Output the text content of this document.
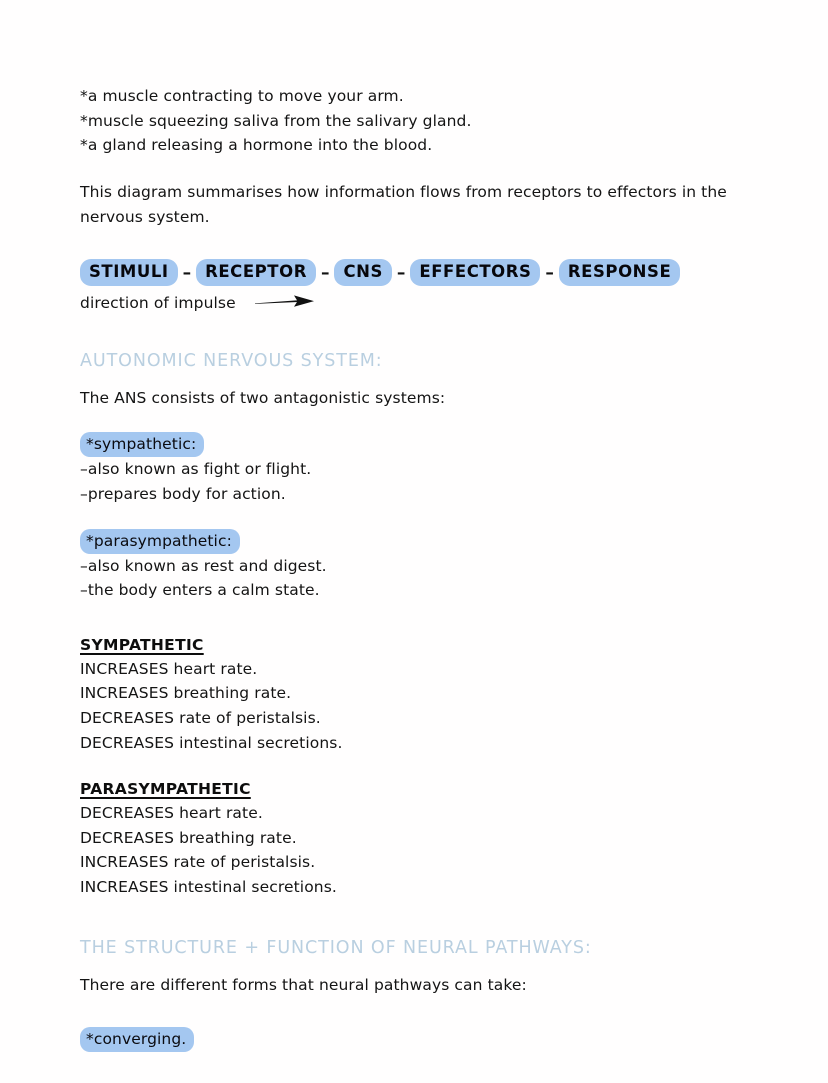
*a muscle contracting to move your arm.
*muscle squeezing saliva from the salivary gland.
*a gland releasing a hormone into the blood.
This diagram summarises how information flows from receptors to effectors in the nervous system.
STIMULI – RECEPTOR – CNS – EFFECTORS – RESPONSE
direction of impulse
AUTONOMIC NERVOUS SYSTEM:
The ANS consists of two antagonistic systems:
*sympathetic:
–also known as fight or flight.
–prepares body for action.
*parasympathetic:
–also known as rest and digest.
–the body enters a calm state.
SYMPATHETIC
INCREASES heart rate.
INCREASES breathing rate.
DECREASES rate of peristalsis.
DECREASES intestinal secretions.
PARASYMPATHETIC
DECREASES heart rate.
DECREASES breathing rate.
INCREASES rate of peristalsis.
INCREASES intestinal secretions.
THE STRUCTURE + FUNCTION OF NEURAL PATHWAYS:
There are different forms that neural pathways can take:
*converging.
